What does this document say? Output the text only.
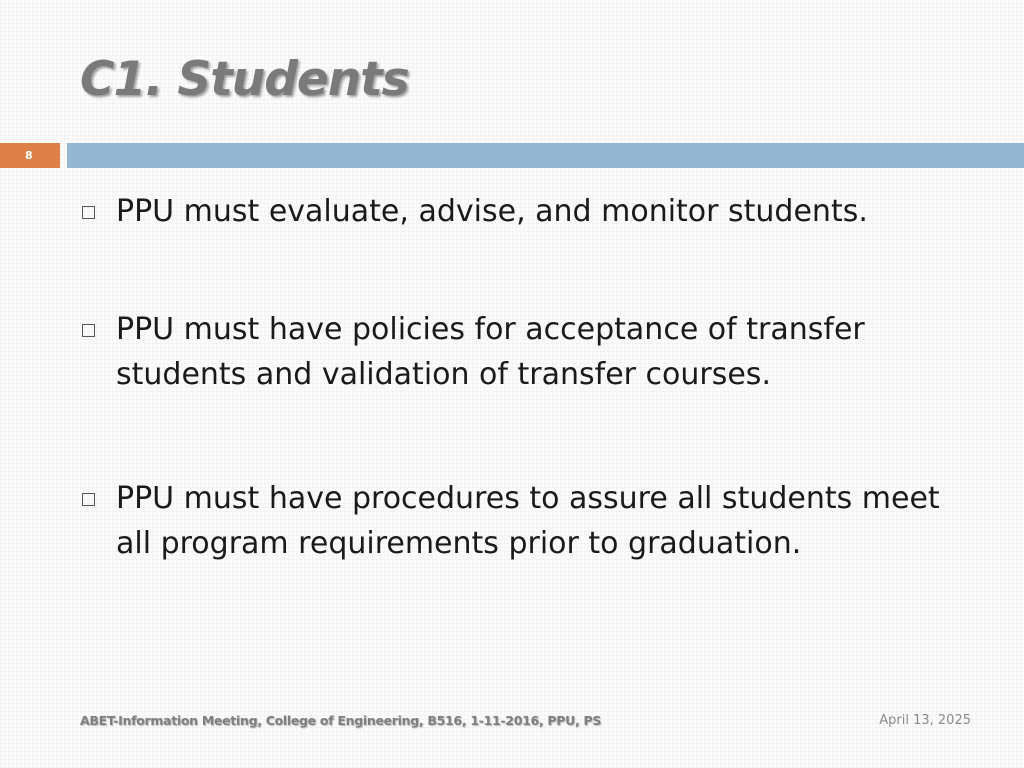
C1. Students
8
PPU must evaluate, advise, and monitor students.
PPU must have policies for acceptance of transfer
students and validation of transfer courses.
PPU must have procedures to assure all students meet
all program requirements prior to graduation.
ABET-Information Meeting, College of Engineering, B516, 1-11-2016, PPU, PS	April 13, 2025
